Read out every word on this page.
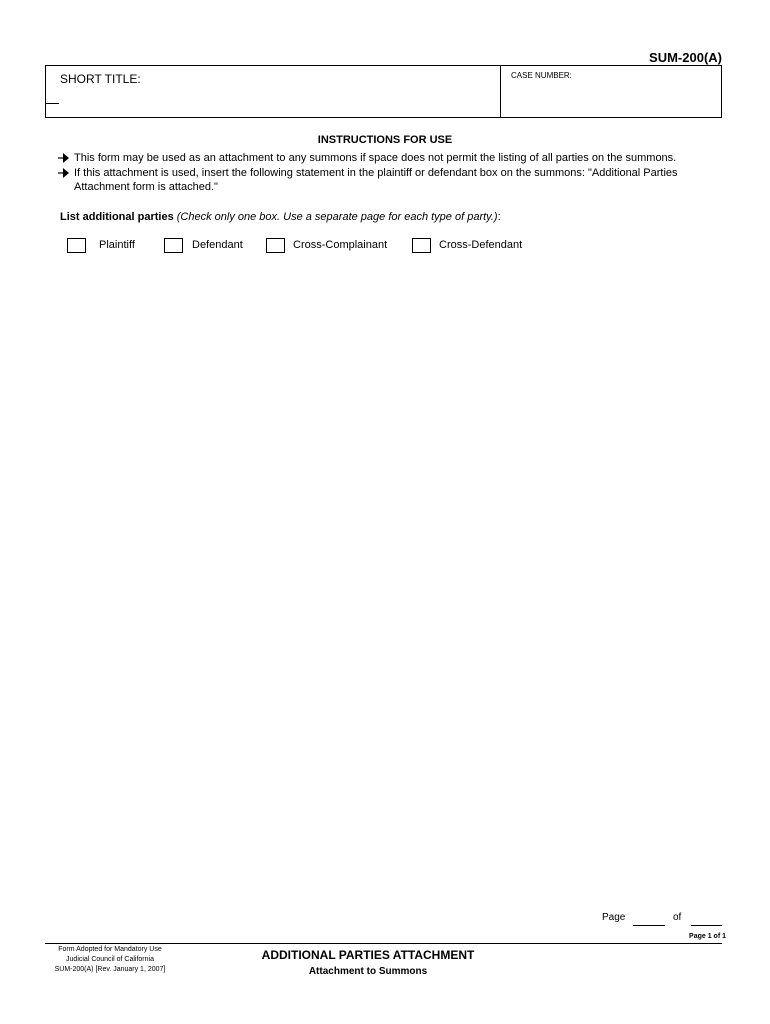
SUM-200(A)
SHORT TITLE:	CASE NUMBER:
INSTRUCTIONS FOR USE
This form may be used as an attachment to any summons if space does not permit the listing of all parties on the summons.
If this attachment is used, insert the following statement in the plaintiff or defendant box on the summons: "Additional Parties
Attachment form is attached."
List additional parties (Check only one box. Use a separate page for each type of party.):
Plaintiff	Defendant	Cross-Complainant	Cross-Defendant
Page	of
Page 1 of 1
Form Adopted for Mandatory Use
Judicial Council of California
SUM-200(A) [Rev. January 1, 2007]
ADDITIONAL PARTIES ATTACHMENT
Attachment to Summons
